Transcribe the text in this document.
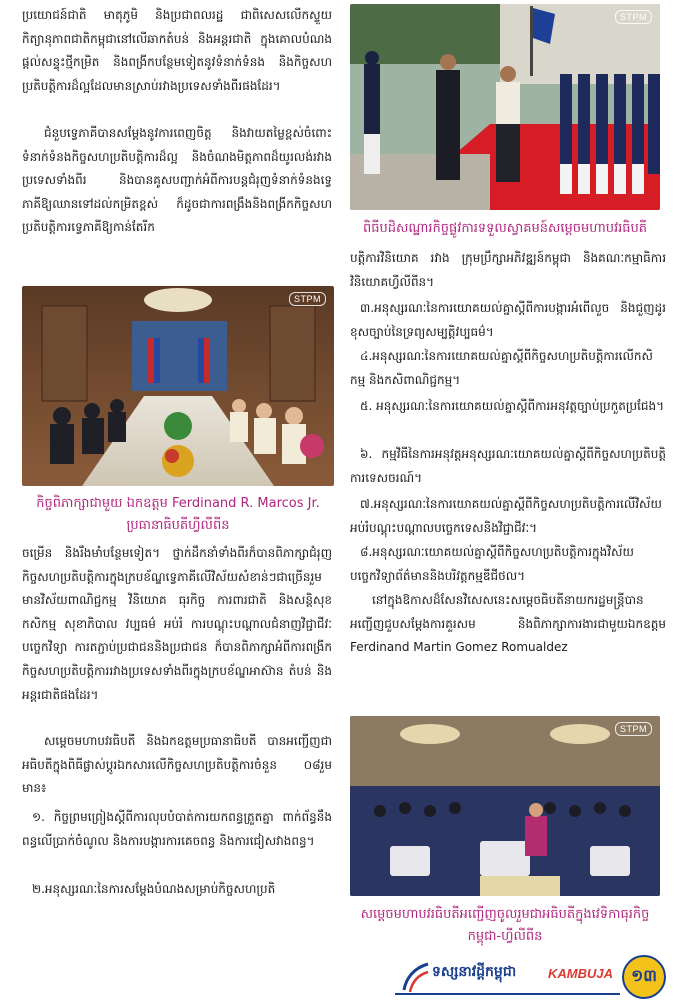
ប្រយោជន៍ជាតិ មាតុភូមិ និងប្រជាពលរដ្ឋ ជាពិសេសលើកស្ទួយកិត្យានុភាពជាតិកម្ពុជានៅលើឆាកតំបន់ និងអន្តរជាតិ ក្នុងគោលបំណងផ្ដល់សន្ទុះថ្មីកម្រិត និងពង្រីកបន្ថែមទៀតនូវទំនាក់ទំនង និងកិច្ចសហប្រតិបត្តិការដ៏ល្អដែលមានស្រាប់រវាងប្រទេសទាំងពីរផងដែរ។

ជំនួបទ្វេភាគីបានសម្ដែងនូវការពេញចិត្ត និងវាយតម្លៃខ្ពស់ចំពោះទំនាក់ទំនងកិច្ចសហប្រតិបត្តិការដ៏ល្អ និងចំណងមិត្តភាពដ៏យូរលង់រវាងប្រទេសទាំងពីរ និងបានគូសបញ្ជាក់អំពីការបន្តជំរុញទំនាក់ទំនងទ្វេភាគីឱ្យឈានទៅដល់កម្រិតខ្ពស់ ក៏ដូចជាការពង្រឹងនិងពង្រីកកិច្ចសហប្រតិបត្តិការទ្វេភាគីឱ្យកាន់តែរីក

STPM
កិច្ចពិភាក្សាជាមួយ ឯកឧត្តម Ferdinand R. Marcos Jr.
ប្រធានាធិបតីហ្វីលីពីន

ចម្រើន និងរឹងមាំបន្ថែមទៀត។ ថ្នាក់ដឹកនាំទាំងពីរក៏បានពិភាក្សាជំរុញកិច្ចសហប្រតិបត្តិការក្នុងក្របខ័ណ្ឌទ្វេភាគីលើវិស័យសំខាន់ៗជាច្រើនរួមមានវិស័យពាណិជ្ជកម្ម វិនិយោគ ធុរកិច្ច ការពារជាតិ និងសន្តិសុខ កសិកម្ម សុខាភិបាល វប្បធម៌ អប់រំ ការបណ្តុះបណ្តាលជំនាញវិជ្ជាជីវៈ បច្ចេកវិទ្យា ការតភ្ជាប់ប្រជាជននិងប្រជាជន ក៏បានពិភាក្សាអំពីការពង្រីកកិច្ចសហប្រតិបត្តិការរវាងប្រទេសទាំងពីរក្នុងក្របខ័ណ្ឌអាស៊ាន តំបន់ និងអន្តរជាតិផងដែរ។

សម្ដេចមហាបវរធិបតី និងឯកឧត្តមប្រធានាធិបតី បានអញ្ជើញជាអធិបតីក្នុងពិធីផ្លាស់ប្ដូរឯកសារលើកិច្ចសហប្រតិបត្តិការចំនួន ០៨រួមមាន៖

១. កិច្ចព្រមព្រៀងស្ដីពីការលុបបំបាត់ការយកពន្ធត្រួតគ្នា ពាក់ព័ន្ធនឹងពន្ធលើប្រាក់ចំណូល និងការបង្ការការគេចពន្ធ និងការជៀសវាងពន្ធ។

២.អនុស្សរណៈនៃការសម្ដែងបំណងសម្រាប់កិច្ចសហប្រតិ

STPM
ពិធីបដិសណ្ឋារកិច្ចផ្លូវការទទួលស្វាគមន៍សម្ដេចមហាបវរធិបតី

បត្តិការវិនិយោគ រវាង ក្រុមប្រឹក្សាអភិវឌ្ឍន៍កម្ពុជា និងគណៈកម្មាធិការវិនិយោគហ្វីលីពីន។

៣.អនុស្សរណៈនៃការយោគយល់គ្នាស្ដីពីការបង្ការអំពើលួច និងជួញដូរខុសច្បាប់នៃទ្រព្យសម្បត្តិវប្បធម៌។

៤.អនុស្សរណៈនៃការយោគយល់គ្នាស្ដីពីកិច្ចសហប្រតិបត្តិការលើកសិកម្ម និងកសិពាណិជ្ជកម្ម។

៥. អនុស្សរណៈនៃការយោគយល់គ្នាស្ដីពីការអនុវត្តច្បាប់ប្រកួតប្រជែង។

៦. កម្មវិធីនៃការអនុវត្តអនុស្សរណៈយោគយល់គ្នាស្ដីពីកិច្ចសហប្រតិបត្តិការទេសចរណ៍។

៧.អនុស្សរណៈនៃការយោគយល់គ្នាស្ដីពីកិច្ចសហប្រតិបត្តិការលើវិស័យអប់រំបណ្ដុះបណ្ដាលបច្ចេកទេសនិងវិជ្ជាជីវៈ។

៨.អនុស្សរណៈយោគយល់គ្នាស្ដីពីកិច្ចសហប្រតិបត្តិការក្នុងវិស័យបច្ចេកវិទ្យាព័ត៌មាននិងបរិវត្តកម្មឌីជីថល។

នៅក្នុងឱកាសដ៏សែនវិសេសនេះសម្ដេចធិបតីនាយករដ្ឋមន្ត្រីបានអញ្ជើញជួបសម្ដែងការគួរសម និងពិភាក្សាការងារជាមួយឯកឧត្តម Ferdinand Martin Gomez Romualdez

STPM
សម្ដេចមហាបវរធិបតីអញ្ជើញចូលរួមជាអធិបតីក្នុងវេទិកាធុរកិច្ច
កម្ពុជា-ហ្វីលីពីន
ទស្សនាវដ្ដីកម្ពុជា KAMBUJA	១៣
